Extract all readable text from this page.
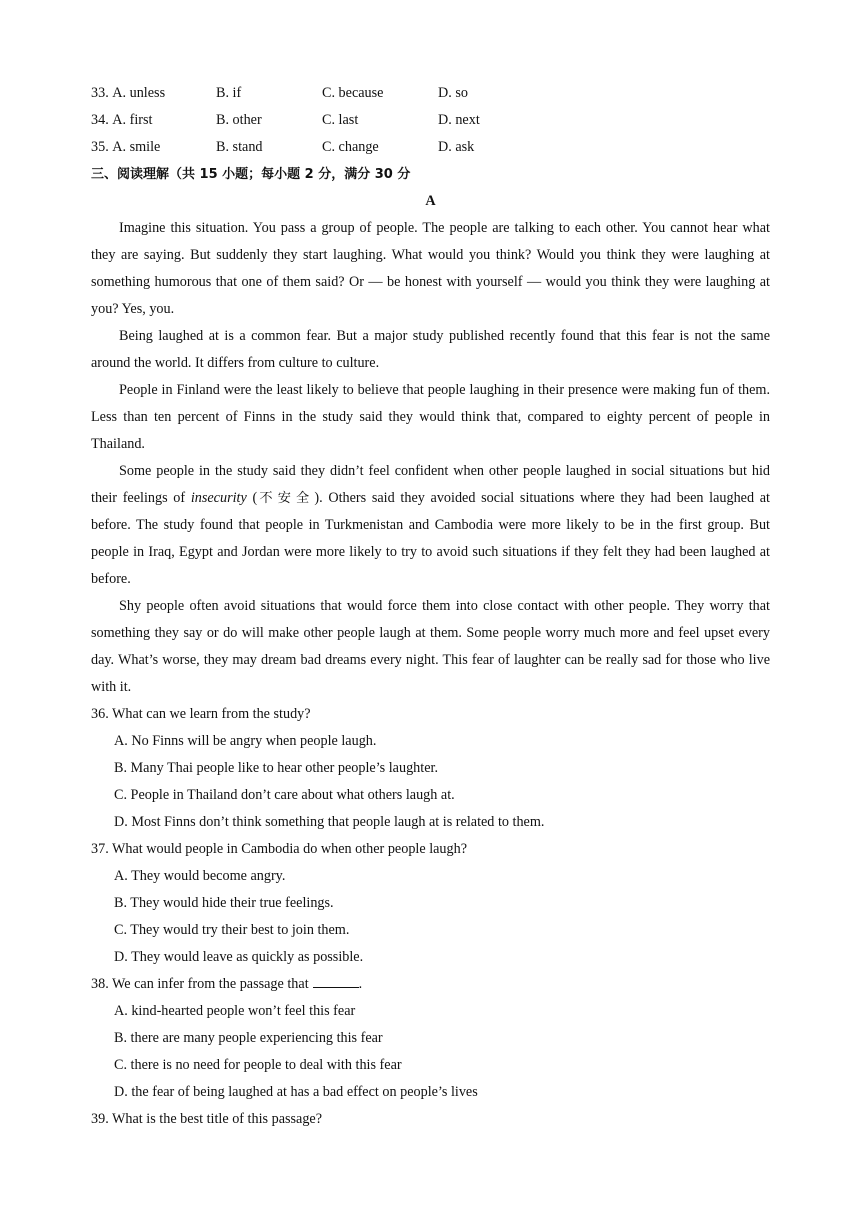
33. A. unless	B. if	C. because	D. so
34. A. first	B. other	C. last	D. next
35. A. smile	B. stand	C. change	D. ask
三、阅读理解（共 15 小题；每小题 2 分，满分 30 分
A

Imagine this situation. You pass a group of people. The people are talking to each other. You cannot hear what they are saying. But suddenly they start laughing. What would you think? Would you think they were laughing at something humorous that one of them said? Or — be honest with yourself — would you think they were laughing at you? Yes, you.

Being laughed at is a common fear. But a major study published recently found that this fear is not the same around the world. It differs from culture to culture.

People in Finland were the least likely to believe that people laughing in their presence were making fun of them. Less than ten percent of Finns in the study said they would think that, compared to eighty percent of people in Thailand.

Some people in the study said they didn’t feel confident when other people laughed in social situations but hid their feelings of insecurity (不安全). Others said they avoided social situations where they had been laughed at before. The study found that people in Turkmenistan and Cambodia were more likely to be in the first group. But people in Iraq, Egypt and Jordan were more likely to try to avoid such situations if they felt they had been laughed at before.

Shy people often avoid situations that would force them into close contact with other people. They worry that something they say or do will make other people laugh at them. Some people worry much more and feel upset every day. What’s worse, they may dream bad dreams every night. This fear of laughter can be really sad for those who live with it.

36. What can we learn from the study?
A. No Finns will be angry when people laugh.
B. Many Thai people like to hear other people’s laughter.
C. People in Thailand don’t care about what others laugh at.
D. Most Finns don’t think something that people laugh at is related to them.
37. What would people in Cambodia do when other people laugh?
A. They would become angry.
B. They would hide their true feelings.
C. They would try their best to join them.
D. They would leave as quickly as possible.
38. We can infer from the passage that	.
A. kind-hearted people won’t feel this fear
B. there are many people experiencing this fear
C. there is no need for people to deal with this fear
D. the fear of being laughed at has a bad effect on people’s lives
39. What is the best title of this passage?
